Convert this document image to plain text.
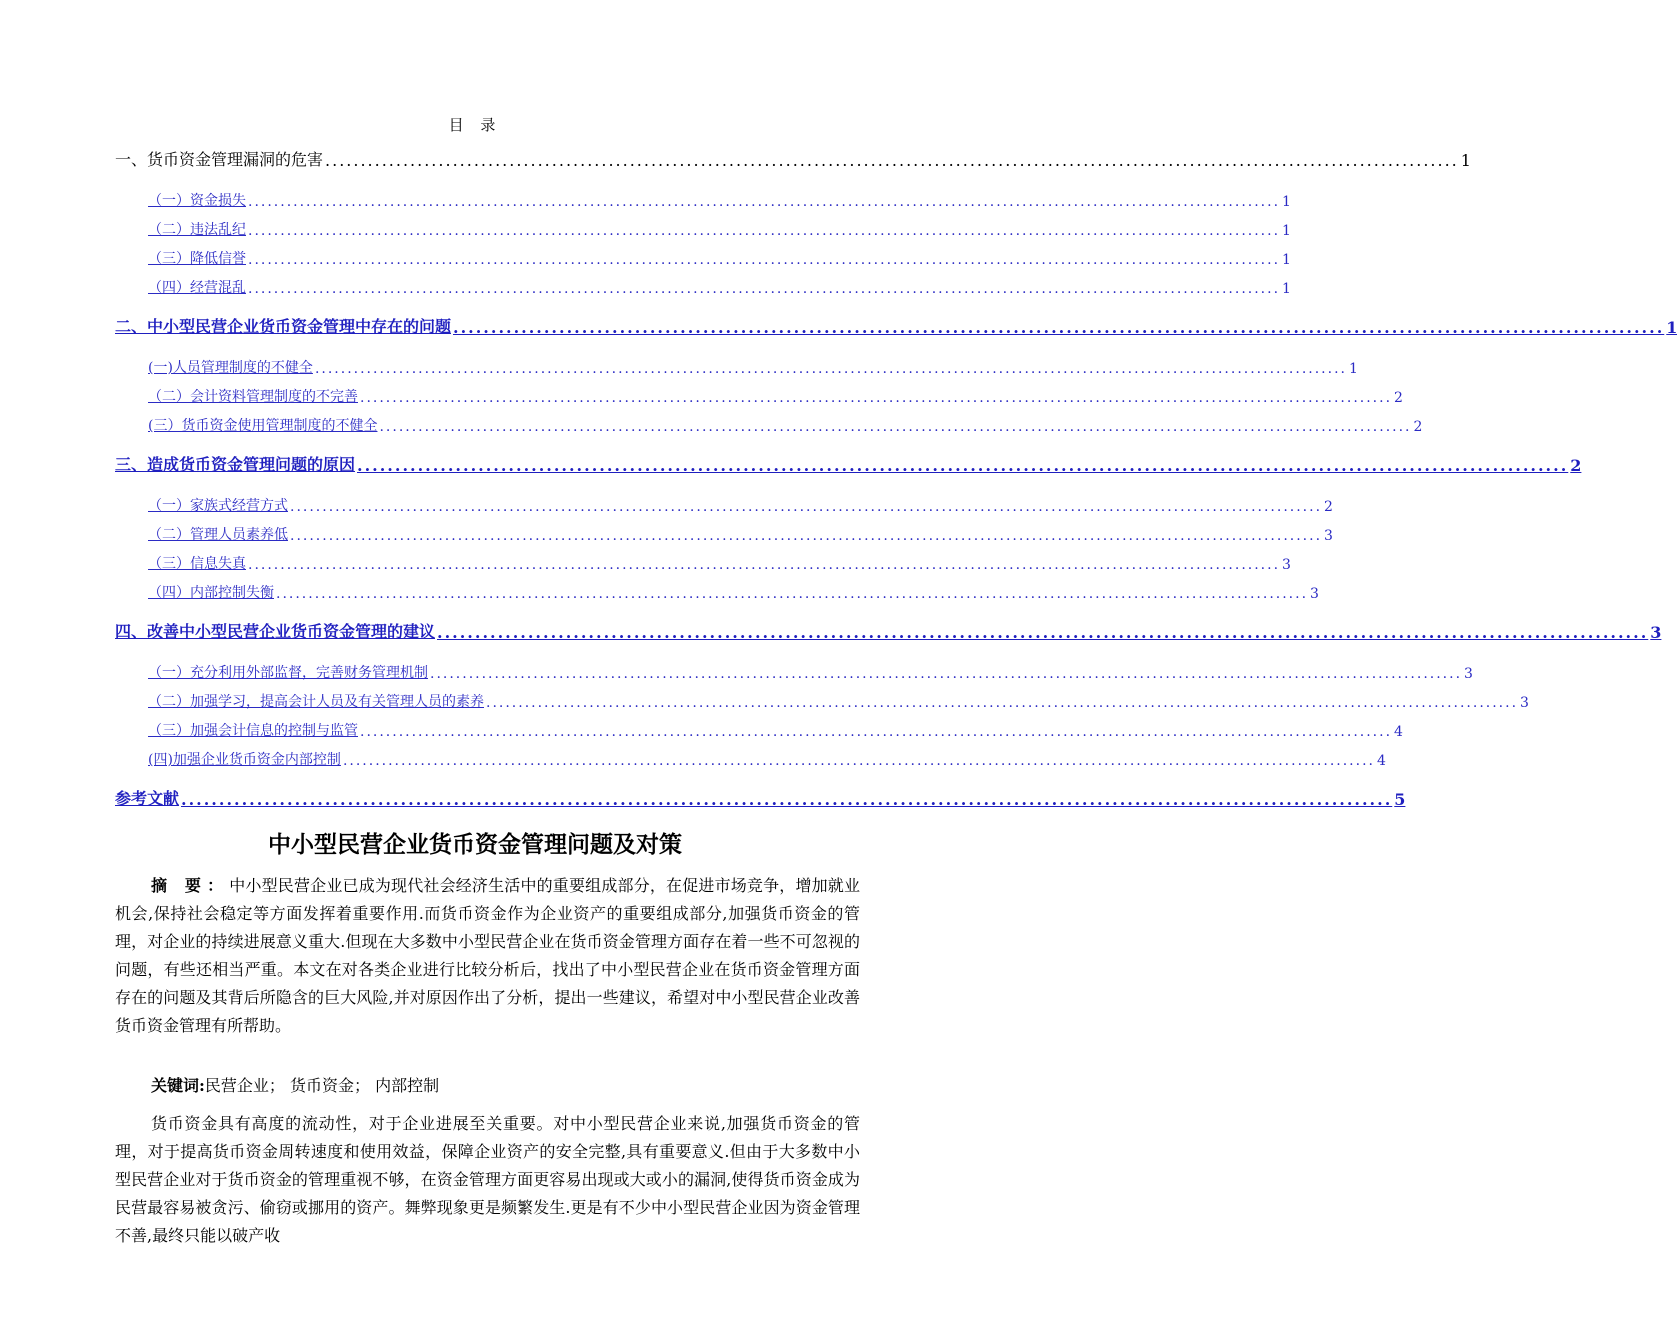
目 录
一、货币资金管理漏洞的危害 ................................................................................................................................................................ 1
（一）资金损失 ................................................................................................................................................................ 1
（二）违法乱纪 ................................................................................................................................................................ 1
（三）降低信誉 ................................................................................................................................................................ 1
（四）经营混乱 ................................................................................................................................................................ 1
二、中小型民营企业货币资金管理中存在的问题 ................................................................................................................................................................ 1
(一)人员管理制度的不健全 ................................................................................................................................................................ 1
（二）会计资料管理制度的不完善 ................................................................................................................................................................ 2
(三）货币资金使用管理制度的不健全 ................................................................................................................................................................ 2
三、造成货币资金管理问题的原因 ................................................................................................................................................................ 2
（一）家族式经营方式 ................................................................................................................................................................ 2
（二）管理人员素养低 ................................................................................................................................................................ 3
（三）信息失真 ................................................................................................................................................................ 3
（四）内部控制失衡 ................................................................................................................................................................ 3
四、改善中小型民营企业货币资金管理的建议 ................................................................................................................................................................ 3
（一）充分利用外部监督，完善财务管理机制 ................................................................................................................................................................ 3
（二）加强学习，提高会计人员及有关管理人员的素养 ................................................................................................................................................................ 3
（三）加强会计信息的控制与监管 ................................................................................................................................................................ 4
(四)加强企业货币资金内部控制 ................................................................................................................................................................ 4
参考文献 ................................................................................................................................................................ 5
中小型民营企业货币资金管理问题及对策
摘 要：中小型民营企业已成为现代社会经济生活中的重要组成部分，在促进市场竞争，增加就业机会,保持社会稳定等方面发挥着重要作用.而货币资金作为企业资产的重要组成部分,加强货币资金的管理，对企业的持续进展意义重大.但现在大多数中小型民营企业在货币资金管理方面存在着一些不可忽视的问题，有些还相当严重。本文在对各类企业进行比较分析后，找出了中小型民营企业在货币资金管理方面存在的问题及其背后所隐含的巨大风险,并对原因作出了分析，提出一些建议，希望对中小型民营企业改善货币资金管理有所帮助。
关键词:民营企业； 货币资金； 内部控制
货币资金具有高度的流动性，对于企业进展至关重要。对中小型民营企业来说,加强货币资金的管理，对于提高货币资金周转速度和使用效益，保障企业资产的安全完整,具有重要意义.但由于大多数中小型民营企业对于货币资金的管理重视不够，在资金管理方面更容易出现或大或小的漏洞,使得货币资金成为民营最容易被贪污、偷窃或挪用的资产。舞弊现象更是频繁发生.更是有不少中小型民营企业因为资金管理不善,最终只能以破产收
